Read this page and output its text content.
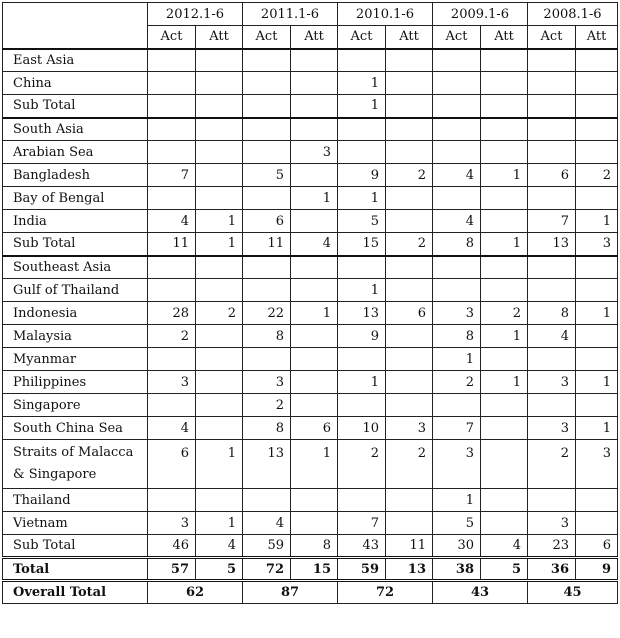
	2012.1-6		2011.1-6		2010.1-6		2009.1-6		2008.1-6	
	Act	Att	Act	Att	Act	Att	Act	Att	Act	Att
East Asia										
China					1					
Sub Total					1					
South Asia										
Arabian Sea				3						
Bangladesh	7		5		9	2	4	1	6	2
Bay of Bengal				1	1					
India	4	1	6		5		4		7	1
Sub Total	11	1	11	4	15	2	8	1	13	3
Southeast Asia										
Gulf of Thailand					1					
Indonesia	28	2	22	1	13	6	3	2	8	1
Malaysia	2		8		9		8	1	4	
Myanmar							1			
Philippines	3		3		1		2	1	3	1
Singapore			2							
South China Sea	4		8	6	10	3	7		3	1

Straits of Malacca
& Singapore	6	1	13	1	2	2	3		2	3
Thailand							1			
Vietnam	3	1	4		7		5		3	
Sub Total	46	4	59	8	43	11	30	4	23	6
Total	57	5	72	15	59	13	38	5	36	9
Overall Total	62		87		72		43		45	
